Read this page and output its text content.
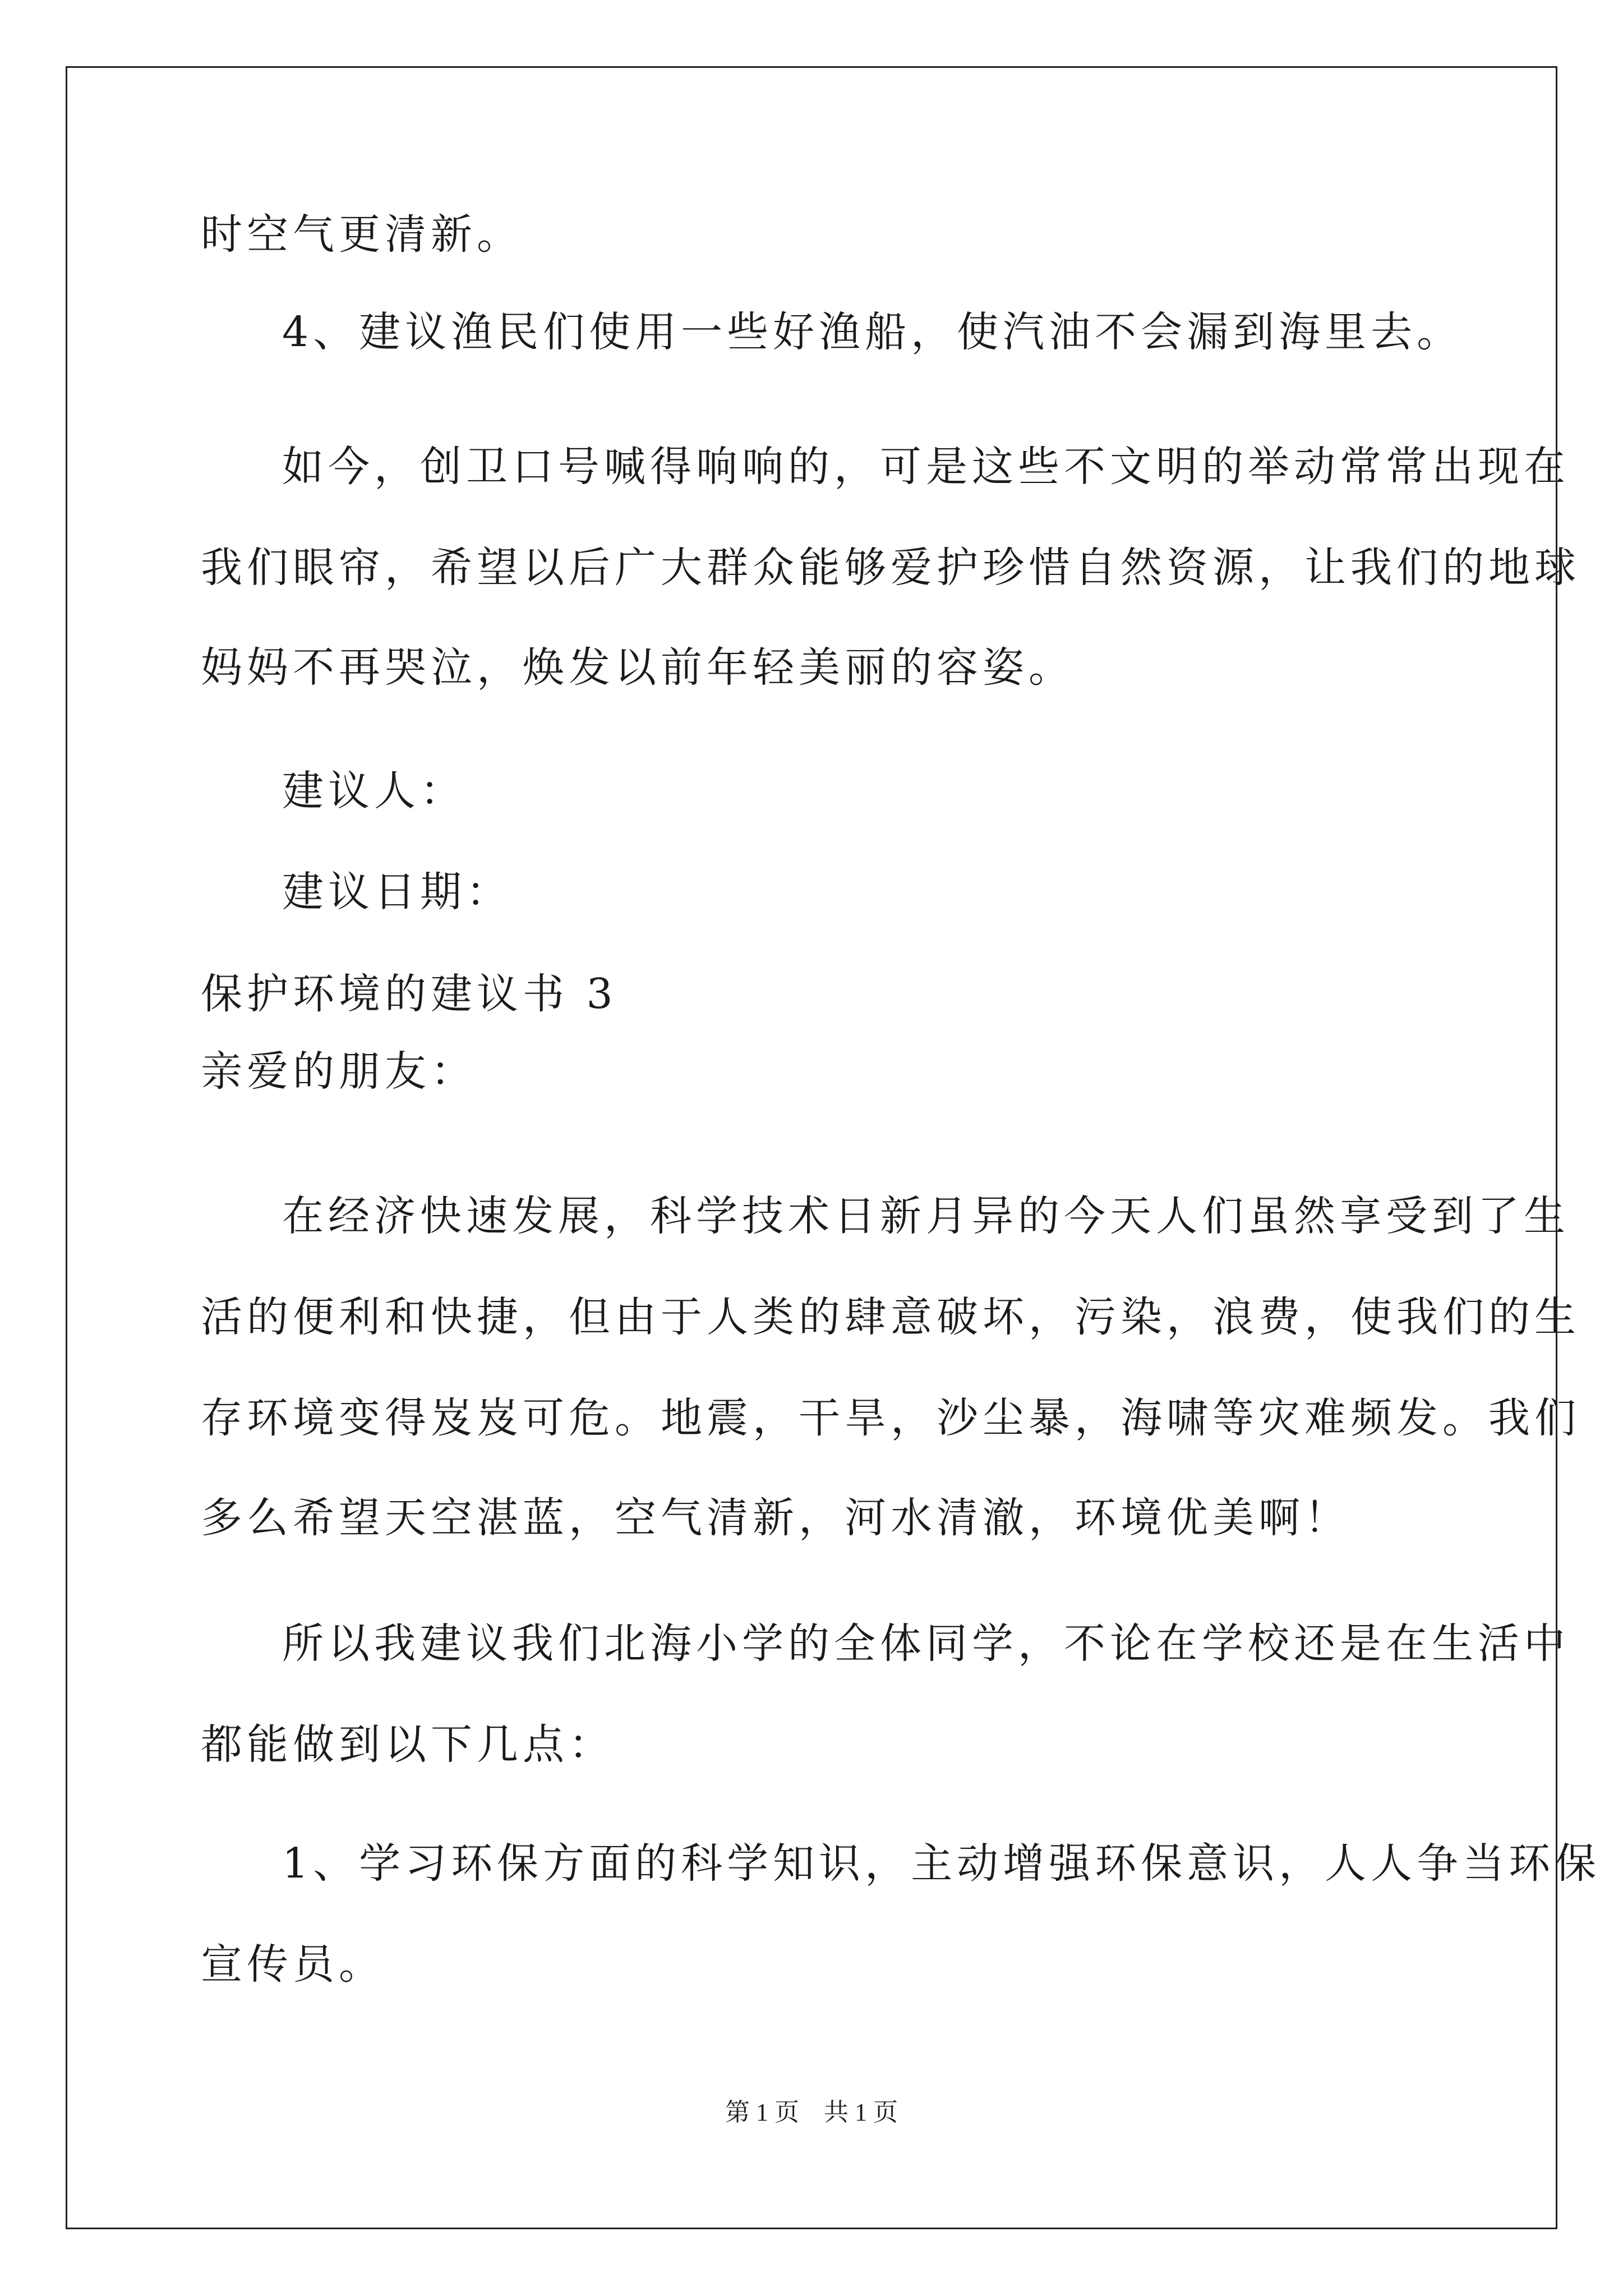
时空气更清新。
4、建议渔民们使用一些好渔船，使汽油不会漏到海里去。
如今，创卫口号喊得响响的，可是这些不文明的举动常常出现在
我们眼帘，希望以后广大群众能够爱护珍惜自然资源，让我们的地球
妈妈不再哭泣，焕发以前年轻美丽的容姿。
建议人：
建议日期：
保护环境的建议书 3
亲爱的朋友：
在经济快速发展，科学技术日新月异的今天人们虽然享受到了生
活的便利和快捷，但由于人类的肆意破坏，污染，浪费，使我们的生
存环境变得岌岌可危。地震，干旱，沙尘暴，海啸等灾难频发。我们
多么希望天空湛蓝，空气清新，河水清澈，环境优美啊！
所以我建议我们北海小学的全体同学，不论在学校还是在生活中
都能做到以下几点：
1、学习环保方面的科学知识，主动增强环保意识，人人争当环保
宣传员。
第 1 页　共 1 页
